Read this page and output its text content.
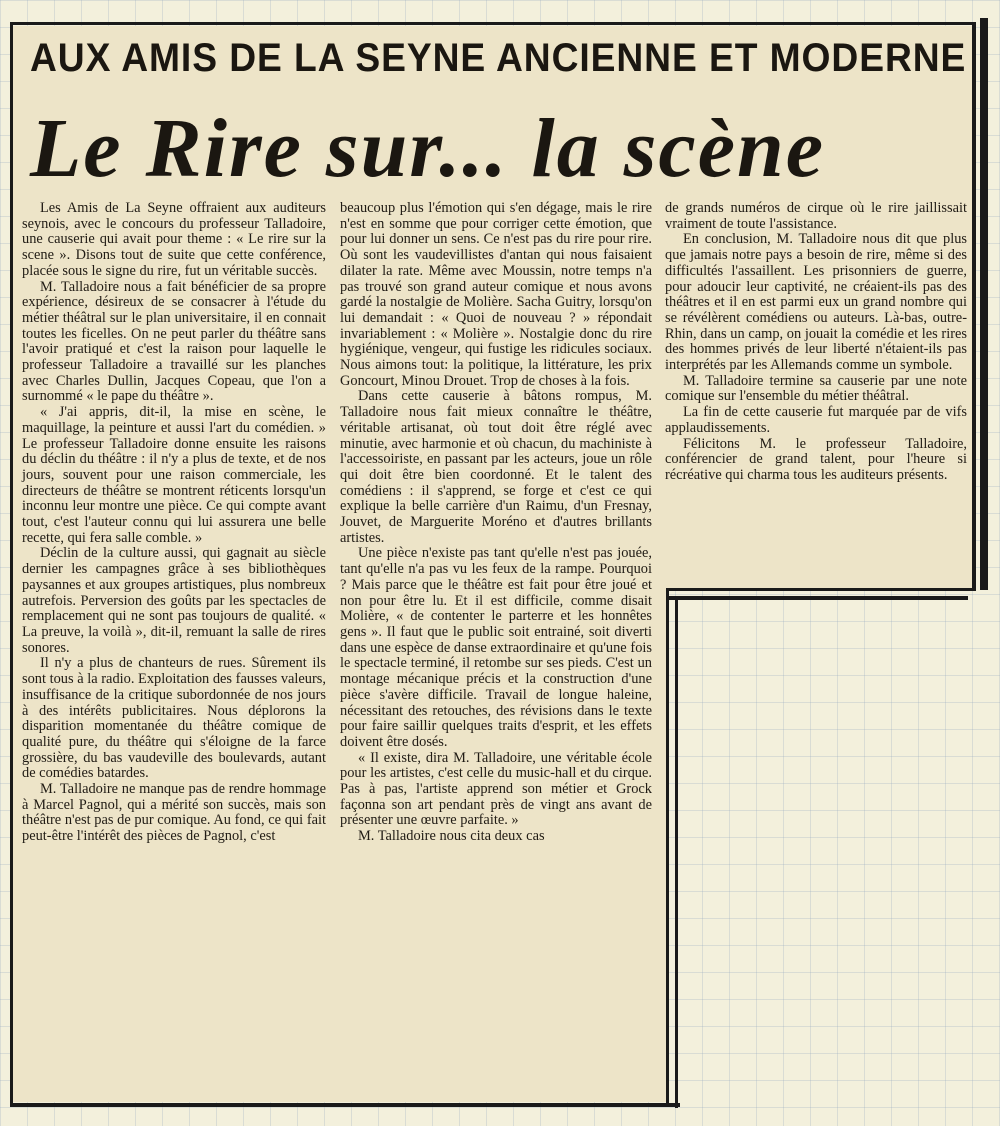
AUX AMIS DE LA SEYNE ANCIENNE ET MODERNE
Le Rire sur... la scène

Les Amis de La Seyne offraient aux auditeurs seynois, avec le concours du professeur Talladoire, une causerie qui avait pour theme : « Le rire sur la scene ». Disons tout de suite que cette conférence, placée sous le signe du rire, fut un véritable succès.

M. Talladoire nous a fait bénéficier de sa propre expérience, désireux de se consacrer à l'étude du métier théâtral sur le plan universitaire, il en connait toutes les ficelles. On ne peut parler du théâtre sans l'avoir pratiqué et c'est la raison pour laquelle le professeur Talladoire a travaillé sur les planches avec Charles Dullin, Jacques Copeau, que l'on a surnommé « le pape du théâtre ».

« J'ai appris, dit-il, la mise en scène, le maquillage, la peinture et aussi l'art du comédien. » Le professeur Talladoire donne ensuite les raisons du déclin du théâtre : il n'y a plus de texte, et de nos jours, souvent pour une raison commerciale, les directeurs de théâtre se montrent réticents lorsqu'un inconnu leur montre une pièce. Ce qui compte avant tout, c'est l'auteur connu qui lui assurera une belle recette, qui fera salle comble. »

Déclin de la culture aussi, qui gagnait au siècle dernier les campagnes grâce à ses bibliothèques paysannes et aux groupes artistiques, plus nombreux autrefois. Perversion des goûts par les spectacles de remplacement qui ne sont pas toujours de qualité. « La preuve, la voilà », dit-il, remuant la salle de rires sonores.

Il n'y a plus de chanteurs de rues. Sûrement ils sont tous à la radio. Exploitation des fausses valeurs, insuffisance de la critique subordonnée de nos jours à des intérêts publicitaires. Nous déplorons la disparition momentanée du théâtre comique de qualité pure, du théâtre qui s'éloigne de la farce grossière, du bas vaudeville des boulevards, autant de comédies batardes.

M. Talladoire ne manque pas de rendre hommage à Marcel Pagnol, qui a mérité son succès, mais son théâtre n'est pas de pur comique. Au fond, ce qui fait peut-être l'intérêt des pièces de Pagnol, c'est

beaucoup plus l'émotion qui s'en dégage, mais le rire n'est en somme que pour corriger cette émotion, que pour lui donner un sens. Ce n'est pas du rire pour rire. Où sont les vaudevillistes d'antan qui nous faisaient dilater la rate. Même avec Moussin, notre temps n'a pas trouvé son grand auteur comique et nous avons gardé la nostalgie de Molière. Sacha Guitry, lorsqu'on lui demandait : « Quoi de nouveau ? » répondait invariablement : « Molière ». Nostalgie donc du rire hygiénique, vengeur, qui fustige les ridicules sociaux. Nous aimons tout: la politique, la littérature, les prix Goncourt, Minou Drouet. Trop de choses à la fois.

Dans cette causerie à bâtons rompus, M. Talladoire nous fait mieux connaître le théâtre, véritable artisanat, où tout doit être réglé avec minutie, avec harmonie et où chacun, du machiniste à l'accessoiriste, en passant par les acteurs, joue un rôle qui doit être bien coordonné. Et le talent des comédiens : il s'apprend, se forge et c'est ce qui explique la belle carrière d'un Raimu, d'un Fresnay, Jouvet, de Marguerite Moréno et d'autres brillants artistes.

Une pièce n'existe pas tant qu'elle n'est pas jouée, tant qu'elle n'a pas vu les feux de la rampe. Pourquoi ? Mais parce que le théâtre est fait pour être joué et non pour être lu. Et il est difficile, comme disait Molière, « de contenter le parterre et les honnêtes gens ». Il faut que le public soit entrainé, soit diverti dans une espèce de danse extraordinaire et qu'une fois le spectacle terminé, il retombe sur ses pieds. C'est un montage mécanique précis et la construction d'une pièce s'avère difficile. Travail de longue haleine, nécessitant des retouches, des révisions dans le texte pour faire saillir quelques traits d'esprit, et les effets doivent être dosés.

« Il existe, dira M. Talladoire, une véritable école pour les artistes, c'est celle du music-hall et du cirque. Pas à pas, l'artiste apprend son métier et Grock façonna son art pendant près de vingt ans avant de présenter une œuvre parfaite. »

M. Talladoire nous cita deux cas

de grands numéros de cirque où le rire jaillissait vraiment de toute l'assistance.

En conclusion, M. Talladoire nous dit que plus que jamais notre pays a besoin de rire, même si des difficultés l'assaillent. Les prisonniers de guerre, pour adoucir leur captivité, ne créaient-ils pas des théâtres et il en est parmi eux un grand nombre qui se révélèrent comédiens ou auteurs. Là-bas, outre-Rhin, dans un camp, on jouait la comédie et les rires des hommes privés de leur liberté n'étaient-ils pas interprétés par les Allemands comme un symbole.

M. Talladoire termine sa causerie par une note comique sur l'ensemble du métier théâtral.

La fin de cette causerie fut marquée par de vifs applaudissements.

Félicitons M. le professeur Talladoire, conférencier de grand talent, pour l'heure si récréative qui charma tous les auditeurs présents.
